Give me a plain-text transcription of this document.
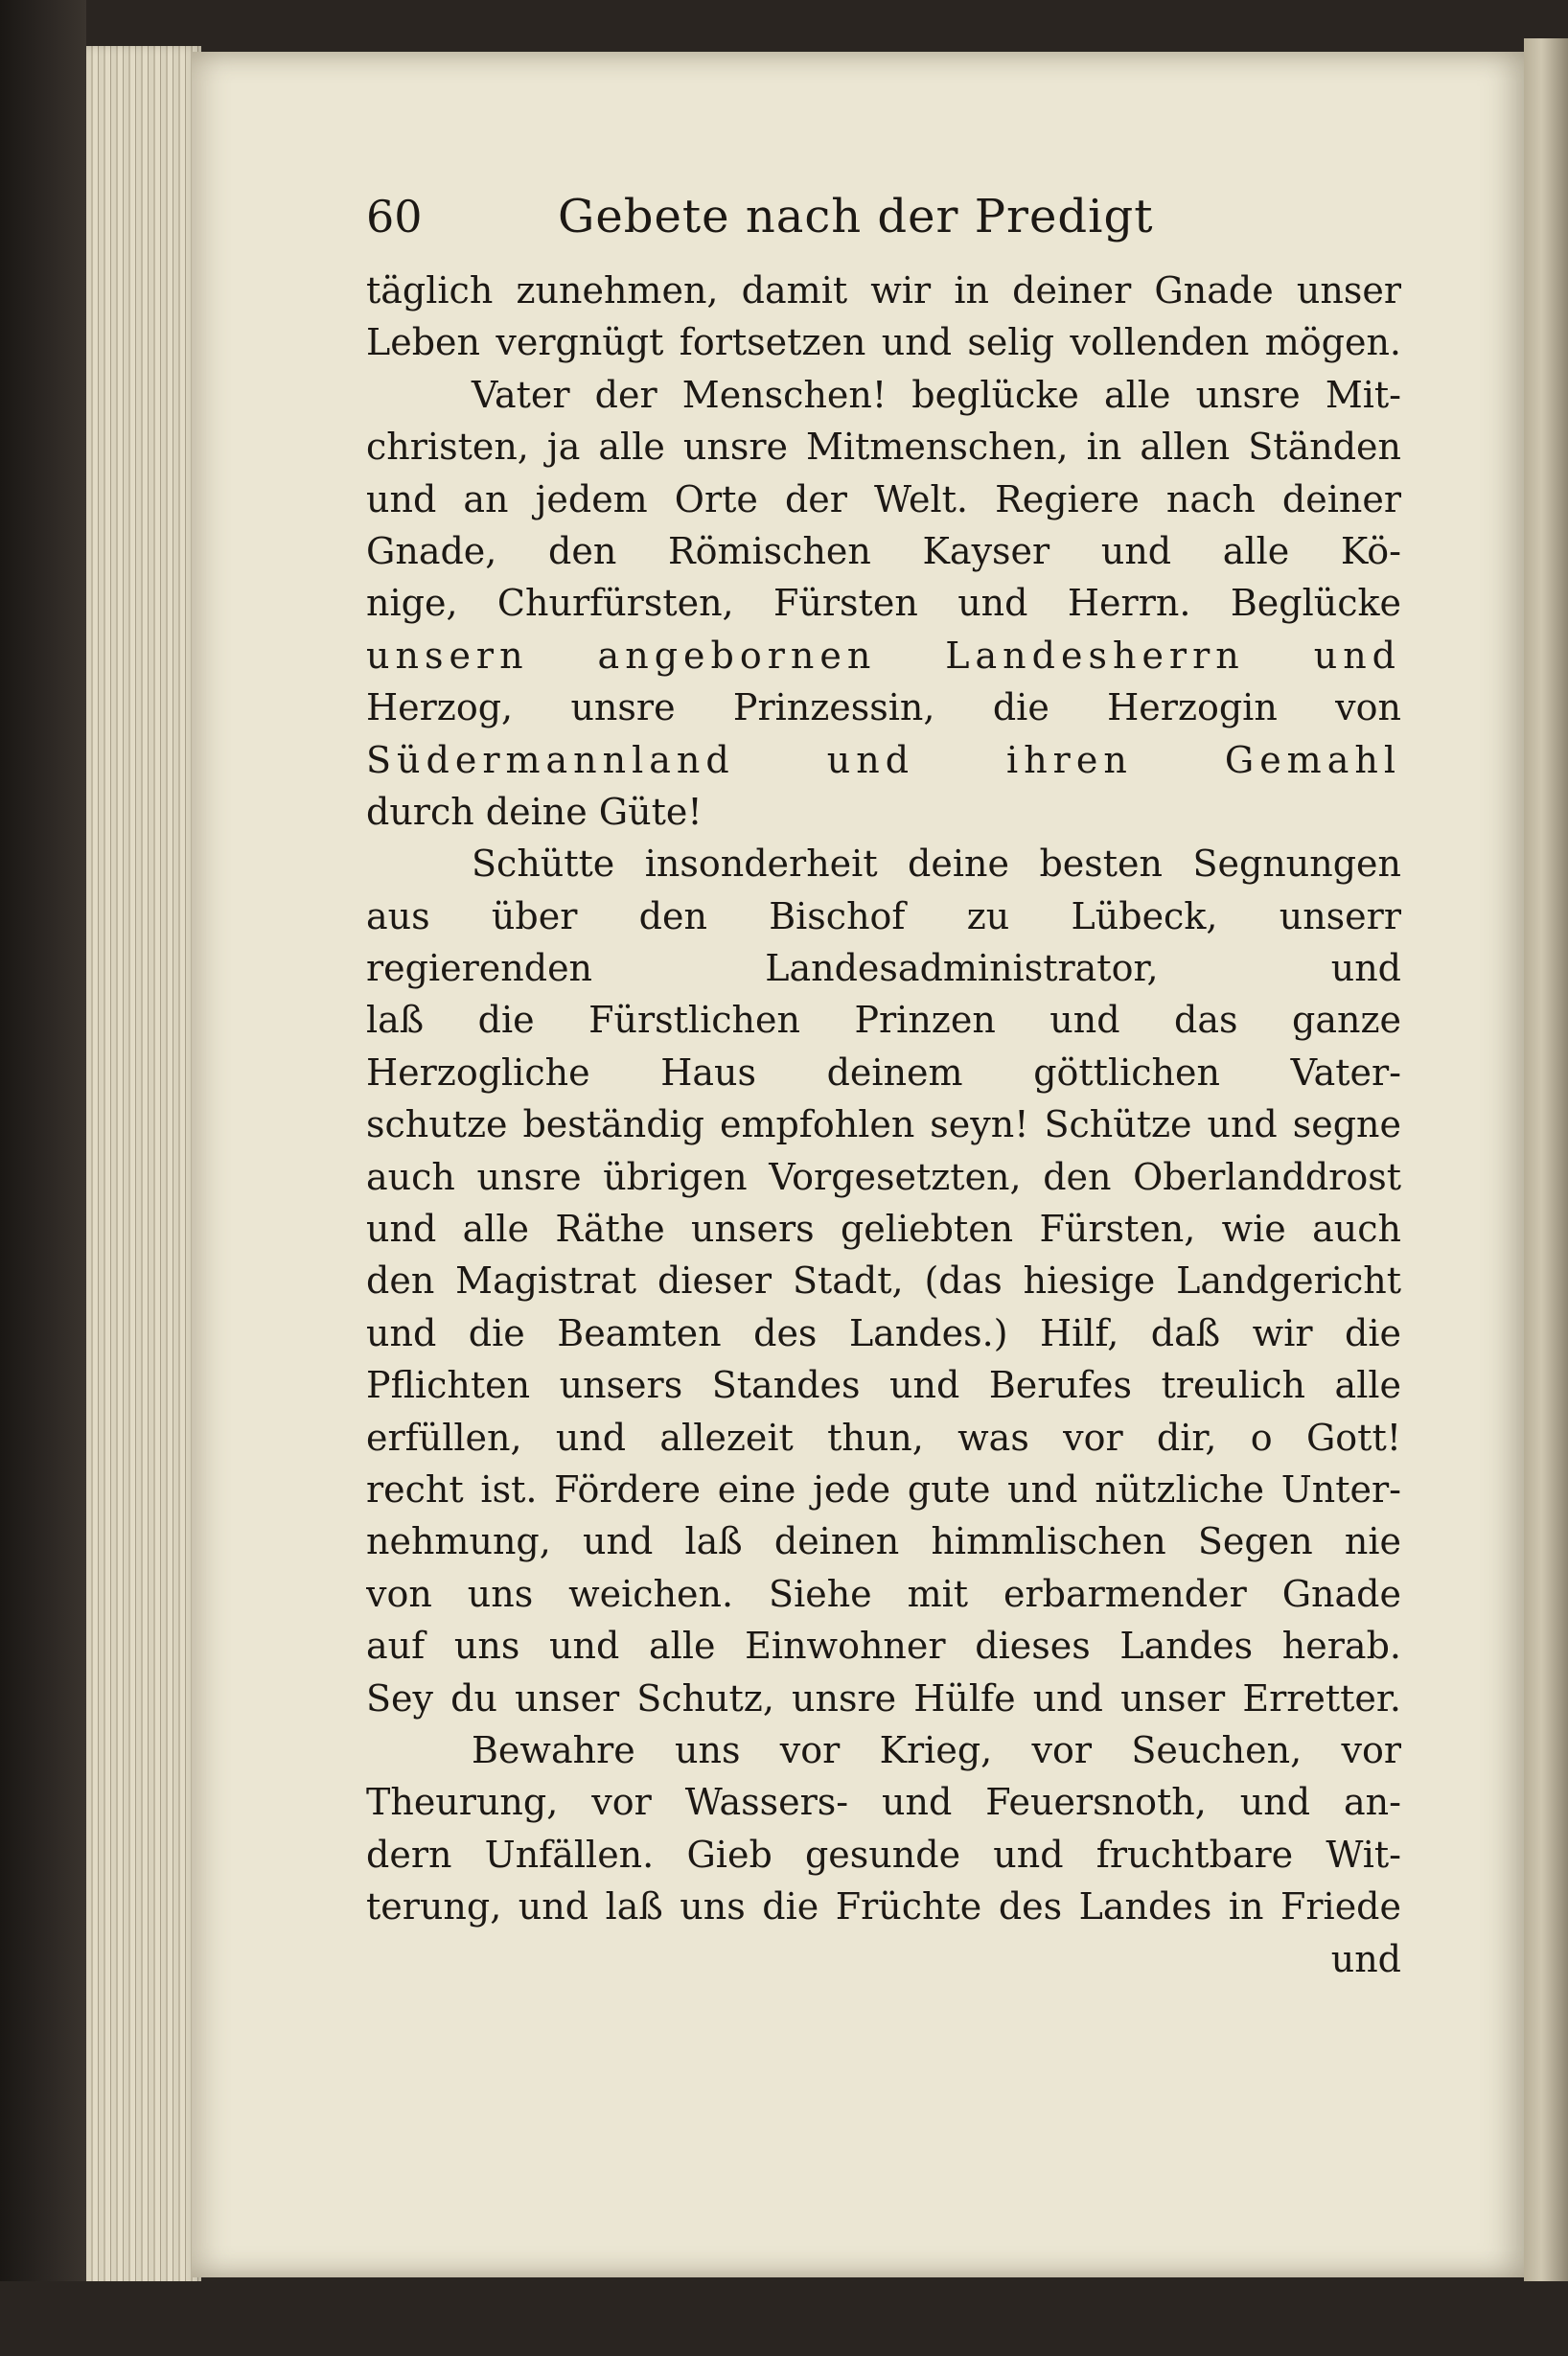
60	Gebete nach der Predigt
täglich zunehmen, damit wir in deiner Gnade unser
Leben vergnügt fortsetzen und selig vollenden mögen.
Vater der Menschen! beglücke alle unsre Mit-
christen, ja alle unsre Mitmenschen, in allen Ständen
und an jedem Orte der Welt. Regiere nach deiner
Gnade, den Römischen Kayser und alle Kö-
nige, Churfürsten, Fürsten und Herrn. Beglücke
unsern angebornen Landesherrn und
Herzog, unsre Prinzessin, die Herzogin von
Südermannland und ihren Gemahl
durch deine Güte!
Schütte insonderheit deine besten Segnungen
aus über den Bischof zu Lübeck, unserr
regierenden Landesadministrator, und
laß die Fürstlichen Prinzen und das ganze
Herzogliche Haus deinem göttlichen Vater-
schutze beständig empfohlen seyn! Schütze und segne
auch unsre übrigen Vorgesetzten, den Oberlanddrost
und alle Räthe unsers geliebten Fürsten, wie auch
den Magistrat dieser Stadt, (das hiesige Landgericht
und die Beamten des Landes.) Hilf, daß wir die
Pflichten unsers Standes und Berufes treulich alle
erfüllen, und allezeit thun, was vor dir, o Gott!
recht ist. Fördere eine jede gute und nützliche Unter-
nehmung, und laß deinen himmlischen Segen nie
von uns weichen. Siehe mit erbarmender Gnade
auf uns und alle Einwohner dieses Landes herab.
Sey du unser Schutz, unsre Hülfe und unser Erretter.
Bewahre uns vor Krieg, vor Seuchen, vor
Theurung, vor Wassers- und Feuersnoth, und an-
dern Unfällen. Gieb gesunde und fruchtbare Wit-
terung, und laß uns die Früchte des Landes in Friede
und
